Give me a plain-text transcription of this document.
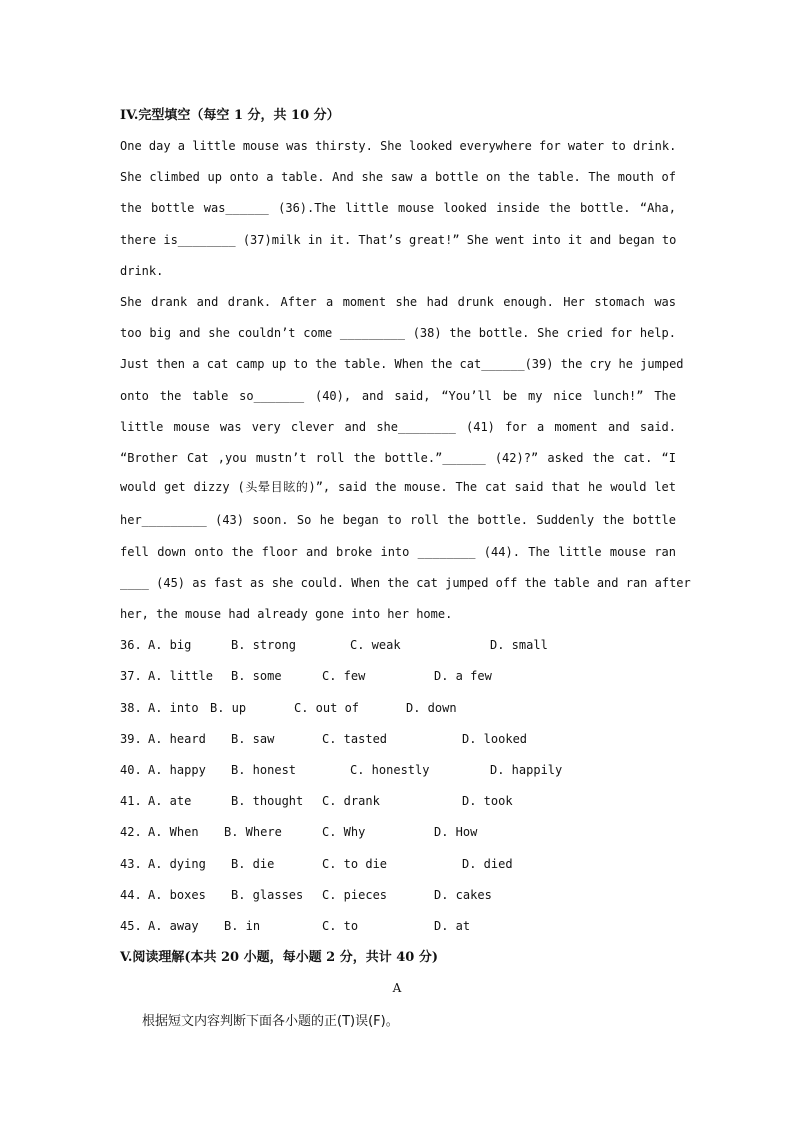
IV.完型填空（每空 1 分，共 10 分）
One day a little mouse was thirsty. She looked everywhere for water to drink.
She climbed up onto a table. And she saw a bottle on the table. The mouth of
the bottle was______ (36).The little mouse looked inside the bottle. “Aha,
there is________ (37)milk in it. That’s great!” She went into it and began to
drink.
She drank and drank. After a moment she had drunk enough. Her stomach was
too big and she couldn’t come _________ (38) the bottle. She cried for help.
Just then a cat camp up to the table. When the cat______(39) the cry he jumped
onto the table so_______ (40), and said, “You’ll be my nice lunch!” The
little mouse was very clever and she________ (41) for a moment and said.
“Brother Cat ,you mustn’t roll the bottle.”______ (42)?” asked the cat. “I
would get dizzy (头晕目眩的)”, said the mouse. The cat said that he would let
her_________ (43) soon. So he began to roll the bottle. Suddenly the bottle
fell down onto the floor and broke into ________ (44). The little mouse ran
____ (45) as fast as she could. When the cat jumped off the table and ran after
her, the mouse had already gone into her home.
36. A. big	B. strong	C. weak	D. small
37. A. little B. some	C. few	D. a few
38. A. into B. up	C. out of	D. down
39. A. heard B. saw	C. tasted	D. looked
40. A. happy B. honest	C. honestly	D. happily
41. A. ate	B. thought C. drank	D. took
42. A. When B. Where	C. Why	D. How
43. A. dying B. die	C. to die	D. died
44. A. boxes B. glasses C. pieces	D. cakes
45. A. away B. in	C. to	D. at
V.阅读理解(本共 20 小题，每小题 2 分，共计 40 分)
A
根据短文内容判断下面各小题的正(T)误(F)。
